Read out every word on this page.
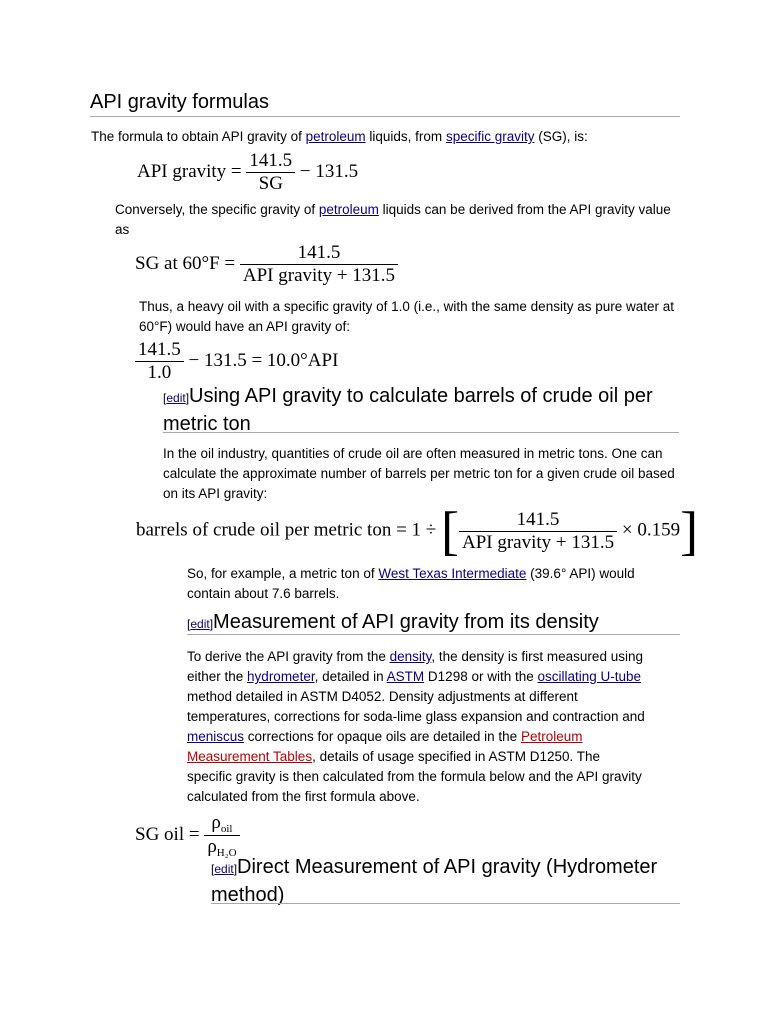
API gravity formulas
The formula to obtain API gravity of petroleum liquids, from specific gravity (SG), is:
API gravity = $\frac{141.5}{SG} - 131.5$
Conversely, the specific gravity of petroleum liquids can be derived from the API gravity value as
SG at $60^\circ F = \frac{141.5}{\text{API gravity + 131.5}}$
Thus, a heavy oil with a specific gravity of 1.0 (i.e., with the same density as pure water at 60°F) would have an API gravity of:
$\frac{141.5}{1.0} - 131.5 = 10.0^\circ API$
[edit]Using API gravity to calculate barrels of crude oil per metric ton
In the oil industry, quantities of crude oil are often measured in metric tons. One can calculate the approximate number of barrels per metric ton for a given crude oil based on its API gravity:
barrels of crude oil per metric ton = 1 ÷ [ $\frac{141.5}{\text{API gravity + 131.5}} \times 0.159$]
So, for example, a metric ton of West Texas Intermediate (39.6° API) would contain about 7.6 barrels.
[edit]Measurement of API gravity from its density
To derive the API gravity from the density, the density is first measured using either the hydrometer, detailed in ASTM D1298 or with the oscillating U-tube method detailed in ASTM D4052. Density adjustments at different temperatures, corrections for soda-lime glass expansion and contraction and meniscus corrections for opaque oils are detailed in the Petroleum Measurement Tables, details of usage specified in ASTM D1250. The specific gravity is then calculated from the formula below and the API gravity calculated from the first formula above.
SG oil = $\frac{\rho_{oil}}{\rho_{H_2O}}$
[edit]Direct Measurement of API gravity (Hydrometer method)
